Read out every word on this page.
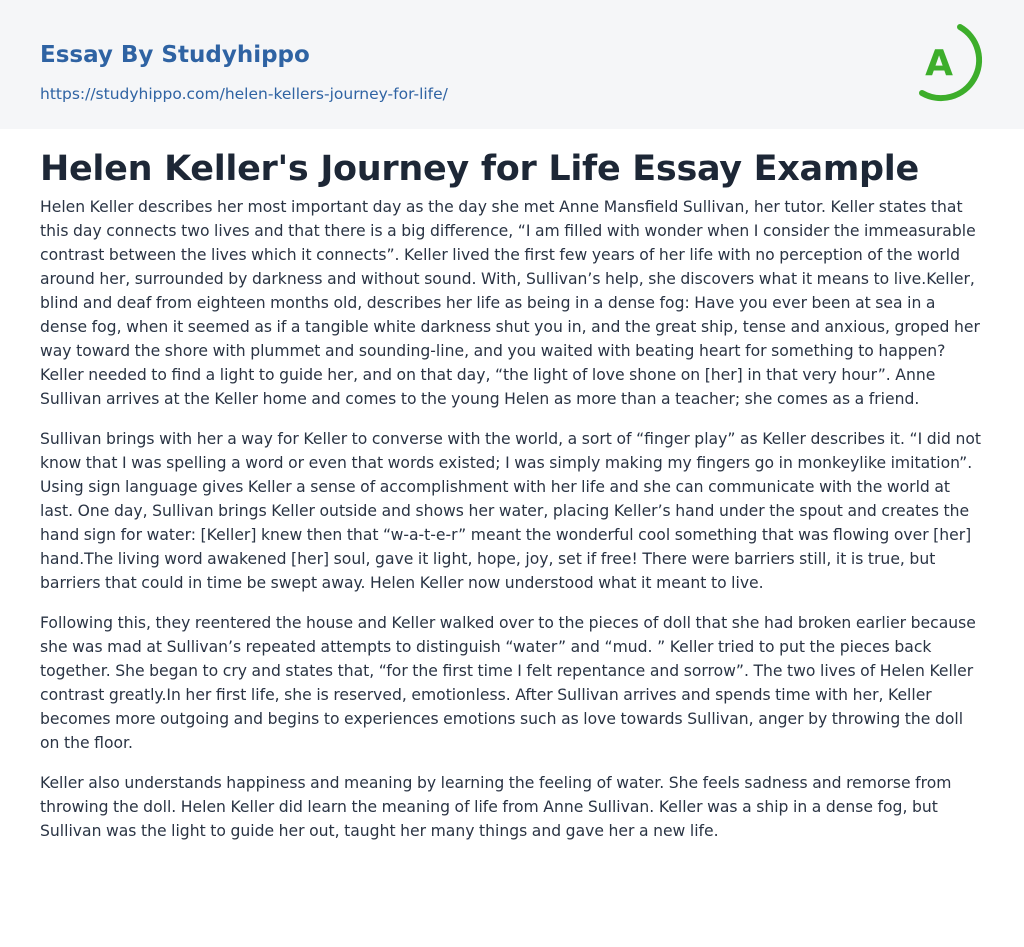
Essay By Studyhippo
https://studyhippo.com/helen-kellers-journey-for-life/
A
Helen Keller's Journey for Life Essay Example

Helen Keller describes her most important day as the day she met Anne Mansfield Sullivan, her tutor. Keller states that this day connects two lives and that there is a big difference, “I am filled with wonder when I consider the immeasurable contrast between the lives which it connects”. Keller lived the first few years of her life with no perception of the world around her, surrounded by darkness and without sound. With, Sullivan’s help, she discovers what it means to live.Keller, blind and deaf from eighteen months old, describes her life as being in a dense fog: Have you ever been at sea in a dense fog, when it seemed as if a tangible white darkness shut you in, and the great ship, tense and anxious, groped her way toward the shore with plummet and sounding-line, and you waited with beating heart for something to happen? Keller needed to find a light to guide her, and on that day, “the light of love shone on [her] in that very hour”. Anne Sullivan arrives at the Keller home and comes to the young Helen as more than a teacher; she comes as a friend.

Sullivan brings with her a way for Keller to converse with the world, a sort of “finger play” as Keller describes it. “I did not know that I was spelling a word or even that words existed; I was simply making my fingers go in monkeylike imitation”. Using sign language gives Keller a sense of accomplishment with her life and she can communicate with the world at last. One day, Sullivan brings Keller outside and shows her water, placing Keller’s hand under the spout and creates the hand sign for water: [Keller] knew then that “w-a-t-e-r” meant the wonderful cool something that was flowing over [her] hand.The living word awakened [her] soul, gave it light, hope, joy, set if free! There were barriers still, it is true, but barriers that could in time be swept away. Helen Keller now understood what it meant to live.

Following this, they reentered the house and Keller walked over to the pieces of doll that she had broken earlier because she was mad at Sullivan’s repeated attempts to distinguish “water” and “mud. ” Keller tried to put the pieces back together. She began to cry and states that, “for the first time I felt repentance and sorrow”. The two lives of Helen Keller contrast greatly.In her first life, she is reserved, emotionless. After Sullivan arrives and spends time with her, Keller becomes more outgoing and begins to experiences emotions such as love towards Sullivan, anger by throwing the doll on the floor.

Keller also understands happiness and meaning by learning the feeling of water. She feels sadness and remorse from throwing the doll. Helen Keller did learn the meaning of life from Anne Sullivan. Keller was a ship in a dense fog, but Sullivan was the light to guide her out, taught her many things and gave her a new life.
